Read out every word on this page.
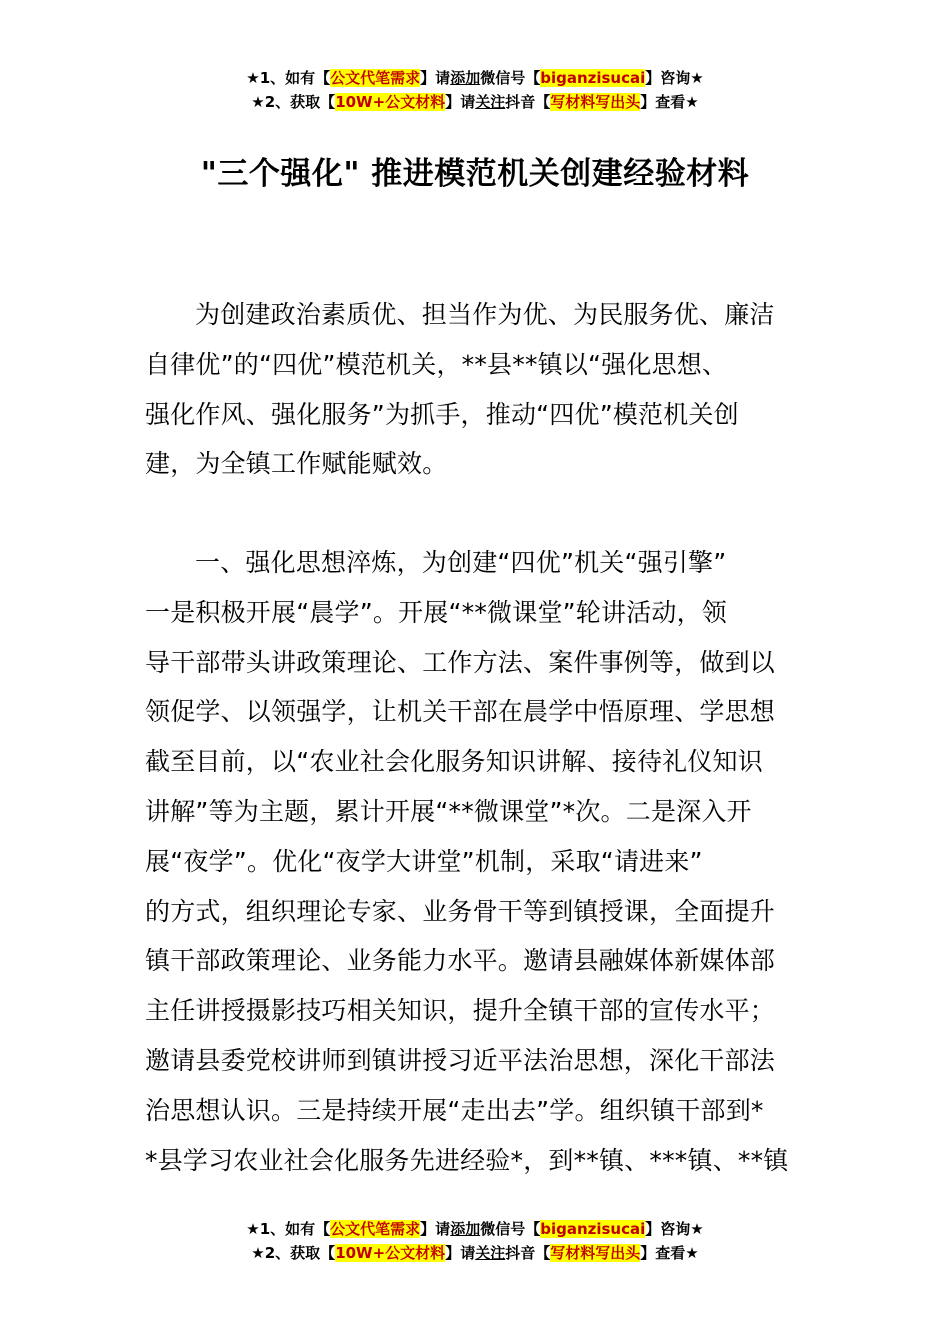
★1、如有【公文代笔需求】请添加微信号【biganzisucai】咨询★
★2、获取【10W+公文材料】请关注抖音【写材料写出头】查看★
"三个强化" 推进模范机关创建经验材料
为创建政治素质优、担当作为优、为民服务优、廉洁
自律优”的“四优”模范机关，**县**镇以“强化思想、
强化作风、强化服务”为抓手，推动“四优”模范机关创
建，为全镇工作赋能赋效。
一、强化思想淬炼，为创建“四优”机关“强引擎”
一是积极开展“晨学”。开展“**微课堂”轮讲活动，领
导干部带头讲政策理论、工作方法、案件事例等，做到以
领促学、以领强学，让机关干部在晨学中悟原理、学思想
截至目前，以“农业社会化服务知识讲解、接待礼仪知识
讲解”等为主题，累计开展“**微课堂”*次。二是深入开
展“夜学”。优化“夜学大讲堂”机制，采取“请进来”
的方式，组织理论专家、业务骨干等到镇授课，全面提升
镇干部政策理论、业务能力水平。邀请县融媒体新媒体部
主任讲授摄影技巧相关知识，提升全镇干部的宣传水平；
邀请县委党校讲师到镇讲授习近平法治思想，深化干部法
治思想认识。三是持续开展“走出去”学。组织镇干部到*
*县学习农业社会化服务先进经验*，到**镇、***镇、**镇
★1、如有【公文代笔需求】请添加微信号【biganzisucai】咨询★
★2、获取【10W+公文材料】请关注抖音【写材料写出头】查看★
